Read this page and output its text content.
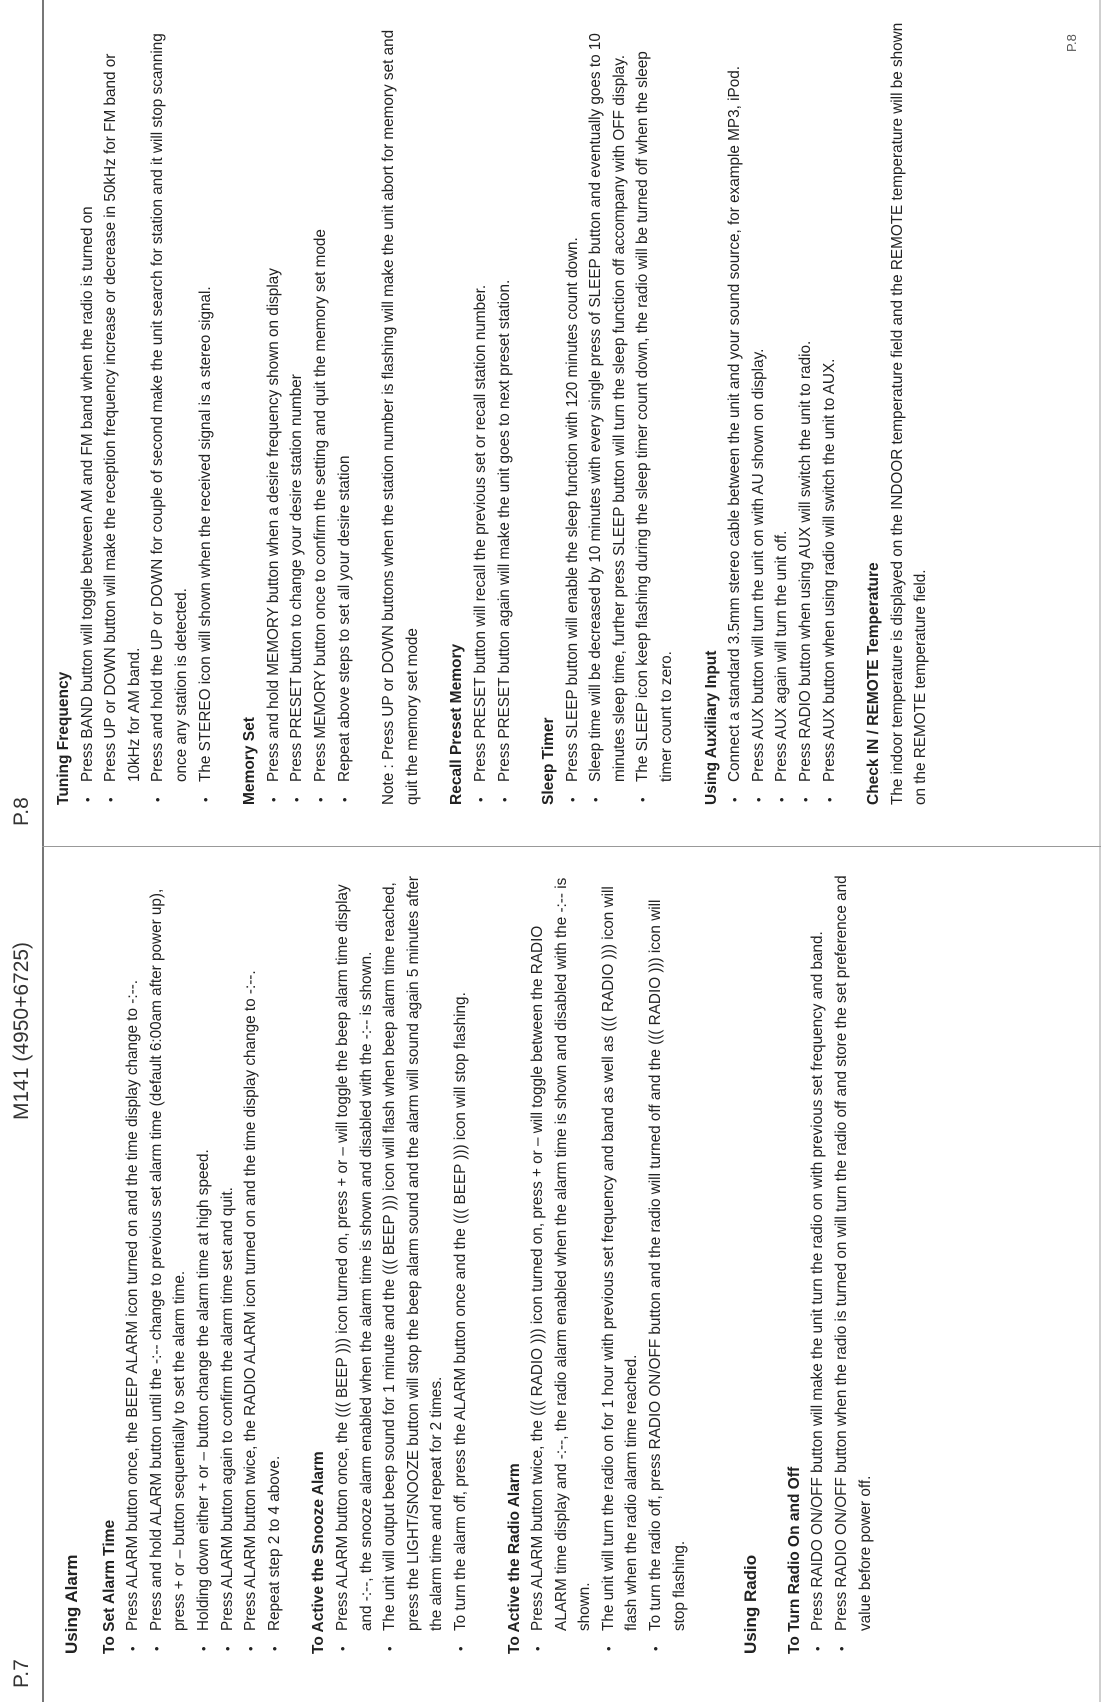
P.7
M141 (4950+6725)
P.8
Using Alarm To Set Alarm Time • Press ALARM button once, the BEEP ALARM icon turned on and the time display change to -:--. • Press and hold ALARM button until the -:-- change to previous set alarm time (default 6:00am after power up), press + or – button sequentially to set the alarm time. • Holding down either + or – button change the alarm time at high speed. • Press ALARM button again to confirm the alarm time set and quit. • Press ALARM button twice, the RADIO ALARM icon turned on and the time display change to -:--. • Repeat step 2 to 4 above. To Active the Snooze Alarm • Press ALARM button once, the ((( BEEP ))) icon turned on, press + or – will toggle the beep alarm time display and -:--, the snooze alarm enabled when the alarm time is shown and disabled with the -:-- is shown. • The unit will output beep sound for 1 minute and the ((( BEEP ))) icon will flash when beep alarm time reached, press the LIGHT/SNOOZE button will stop the beep alarm sound and the alarm will sound again 5 minutes after the alarm time and repeat for 2 times. • To turn the alarm off, press the ALARM button once and the ((( BEEP ))) icon will stop flashing. To Active the Radio Alarm • Press ALARM button twice, the ((( RADIO ))) icon turned on, press + or – will toggle between the RADIO ALARM time display and -:--, the radio alarm enabled when the alarm time is shown and disabled with the -:-- is shown. • The unit will turn the radio on for 1 hour with previous set frequency and band as well as ((( RADIO ))) icon will flash when the radio alarm time reached. • To turn the radio off, press RADIO ON/OFF button and the radio will turned off and the ((( RADIO ))) icon will stop flashing.	Using Radio To Turn Radio On and Off • Press RAIDO ON/OFF button will make the unit turn the radio on with previous set frequency and band. • Press RADIO ON/OFF button when the radio is turned on will turn the radio off and store the set preference and value before power off.
Tuning Frequency • Press BAND button will toggle between AM and FM band when the radio is turned on • Press UP or DOWN button will make the reception frequency increase or decrease in 50kHz for FM band or 10kHz for AM band. • Press and hold the UP or DOWN for couple of second make the unit search for station and it will stop scanning once any station is detected. • The STEREO icon will shown when the received signal is a stereo signal. Memory Set • Press and hold MEMORY button when a desire frequency shown on display • Press PRESET button to change your desire station number • Press MEMORY button once to confirm the setting and quit the memory set mode • Repeat above steps to set all your desire station Note : Press UP or DOWN buttons when the station number is flashing will make the unit abort for memory set and quit the memory set mode Recall Preset Memory • Press PRESET button will recall the previous set or recall station number. • Press PRESET button again will make the unit goes to next preset station. Sleep Timer • Press SLEEP button will enable the sleep function with 120 minutes count down. • Sleep time will be decreased by 10 minutes with every single press of SLEEP button and eventually goes to 10 minutes sleep time, further press SLEEP button will turn the sleep function off accompany with OFF display. • The SLEEP icon keep flashing during the sleep timer count down, the radio will be turned off when the sleep timer count to zero. Using Auxiliary Input • Connect a standard 3.5mm stereo cable between the unit and your sound source, for example MP3, iPod. • Press AUX button will turn the unit on with AU shown on display. • Press AUX again will turn the unit off. • Press RADIO button when using AUX will switch the unit to radio. • Press AUX button when using radio will switch the unit to AUX. Check IN / REMOTE Temperature The indoor temperature is displayed on the INDOOR temperature field and the REMOTE temperature will be shown on the REMOTE temperature field.

P.8
